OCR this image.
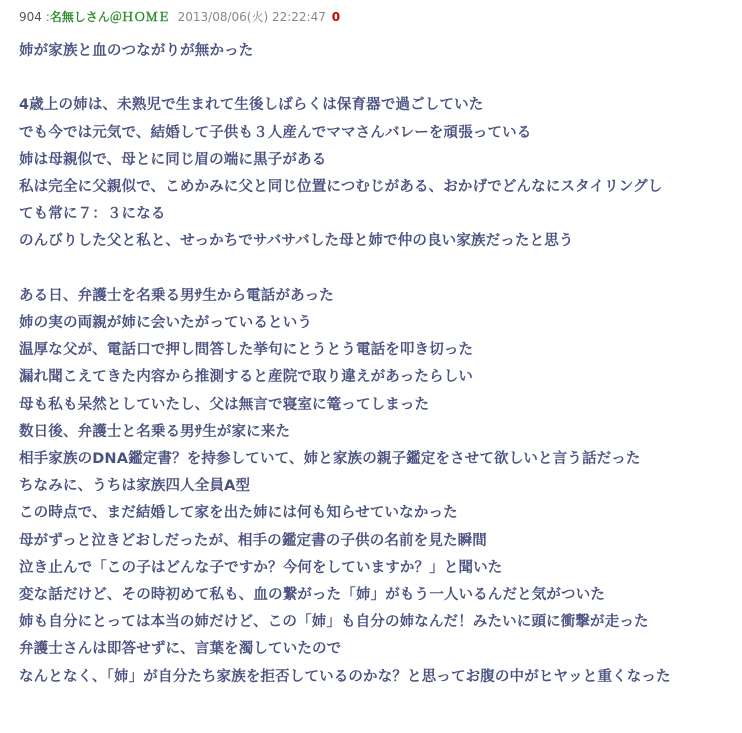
904 :名無しさん＠ＨＯＭＥ 2013/08/06(火) 22:22:47 0
姉が家族と血のつながりが無かった
4歳上の姉は、未熟児で生まれて生後しばらくは保育器で過ごしていた
でも今では元気で、結婚して子供も３人産んでママさんバレーを頑張っている
姉は母親似で、母とに同じ眉の端に黒子がある
私は完全に父親似で、こめかみに父と同じ位置につむじがある、おかげでどんなにスタイリングし
ても常に７：３になる
のんびりした父と私と、せっかちでサバサバした母と姉で仲の良い家族だったと思う
ある日、弁護士を名乗る男ｻ生から電話があった
姉の実の両親が姉に会いたがっているという
温厚な父が、電話口で押し問答した挙句にとうとう電話を叩き切った
漏れ聞こえてきた内容から推測すると産院で取り違えがあったらしい
母も私も呆然としていたし、父は無言で寝室に篭ってしまった
数日後、弁護士と名乗る男ｻ生が家に来た
相手家族のDNA鑑定書？を持参していて、姉と家族の親子鑑定をさせて欲しいと言う話だった
ちなみに、うちは家族四人全員A型
この時点で、まだ結婚して家を出た姉には何も知らせていなかった
母がずっと泣きどおしだったが、相手の鑑定書の子供の名前を見た瞬間
泣き止んで「この子はどんな子ですか？今何をしていますか？」と聞いた
変な話だけど、その時初めて私も、血の繋がった「姉」がもう一人いるんだと気がついた
姉も自分にとっては本当の姉だけど、この「姉」も自分の姉なんだ！みたいに頭に衝撃が走った
弁護士さんは即答せずに、言葉を濁していたので
なんとなく、「姉」が自分たち家族を拒否しているのかな？と思ってお腹の中がヒヤッと重くなった
